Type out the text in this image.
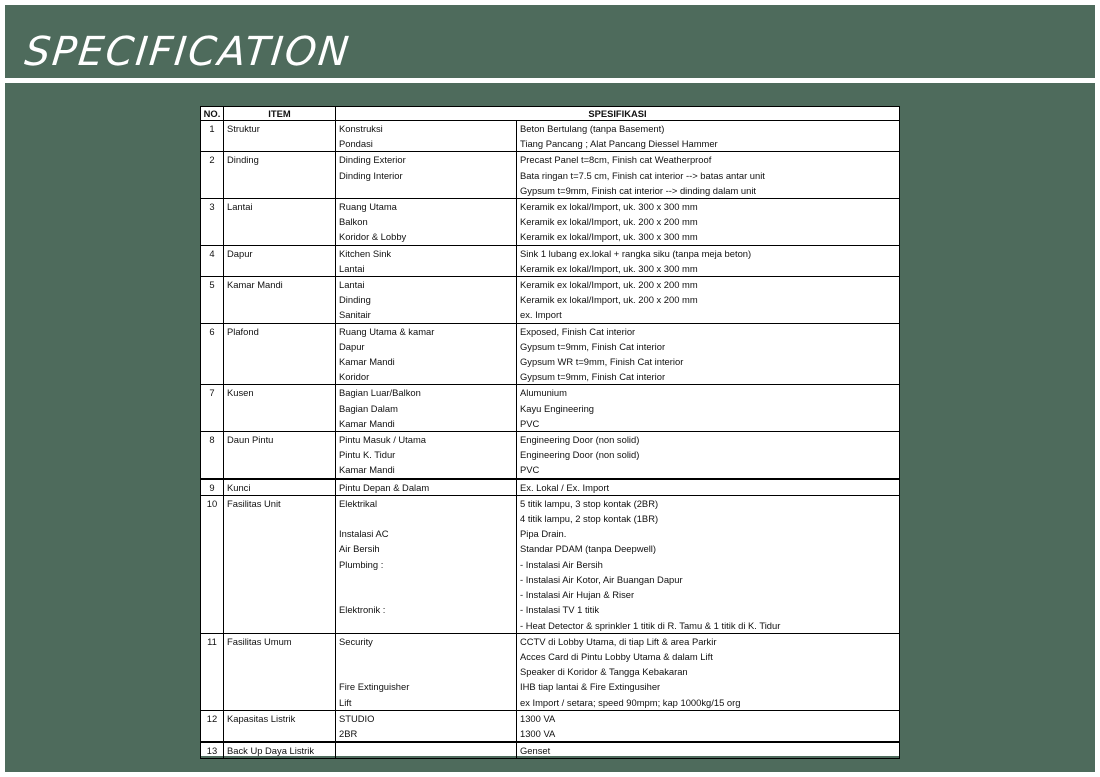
SPECIFICATION
NO.	ITEM	SPESIFIKASI	
1	Struktur	Konstruksi	Beton Bertulang (tanpa Basement)
		Pondasi	Tiang Pancang ; Alat Pancang Diessel Hammer
2	Dinding	Dinding Exterior	Precast Panel t=8cm, Finish cat Weatherproof
		Dinding Interior	Bata ringan t=7.5 cm, Finish cat interior --> batas antar unit
			Gypsum t=9mm, Finish cat interior --> dinding dalam unit
3	Lantai	Ruang Utama	Keramik ex lokal/Import, uk. 300 x 300 mm
		Balkon	Keramik ex lokal/Import, uk. 200 x 200 mm
		Koridor & Lobby	Keramik ex lokal/Import, uk. 300 x 300 mm
4	Dapur	Kitchen Sink	Sink 1 lubang ex.lokal + rangka siku (tanpa meja beton)
		Lantai	Keramik ex lokal/Import, uk. 300 x 300 mm
5	Kamar Mandi	Lantai	Keramik ex lokal/Import, uk. 200 x 200 mm
		Dinding	Keramik ex lokal/Import, uk. 200 x 200 mm
		Sanitair	ex. Import
6	Plafond	Ruang Utama & kamar	Exposed, Finish Cat interior
		Dapur	Gypsum t=9mm, Finish Cat interior
		Kamar Mandi	Gypsum WR t=9mm, Finish Cat interior
		Koridor	Gypsum t=9mm, Finish Cat interior
7	Kusen	Bagian Luar/Balkon	Alumunium
		Bagian Dalam	Kayu Engineering
		Kamar Mandi	PVC
8	Daun Pintu	Pintu Masuk / Utama	Engineering Door (non solid)
		Pintu K. Tidur	Engineering Door (non solid)
		Kamar Mandi	PVC
9	Kunci	Pintu Depan & Dalam	Ex. Lokal / Ex. Import
10	Fasilitas Unit	Elektrikal	5 titik lampu, 3 stop kontak (2BR)
			4 titik lampu, 2 stop kontak (1BR)
		Instalasi AC	Pipa Drain.
		Air Bersih	Standar PDAM (tanpa Deepwell)
		Plumbing :	- Instalasi Air Bersih
			- Instalasi Air Kotor, Air Buangan Dapur
			- Instalasi Air Hujan & Riser
		Elektronik :	- Instalasi TV 1 titik
			- Heat Detector & sprinkler 1 titik di R. Tamu & 1 titik di K. Tidur
11	Fasilitas Umum	Security	CCTV di Lobby Utama, di tiap Lift & area Parkir
			Acces Card di Pintu Lobby Utama & dalam Lift
			Speaker di Koridor & Tangga Kebakaran
		Fire Extinguisher	IHB tiap lantai & Fire Extingusiher
		Lift	ex Import / setara; speed 90mpm; kap 1000kg/15 org
12	Kapasitas Listrik	STUDIO	1300 VA
		2BR	1300 VA
13	Back Up Daya Listrik		Genset
